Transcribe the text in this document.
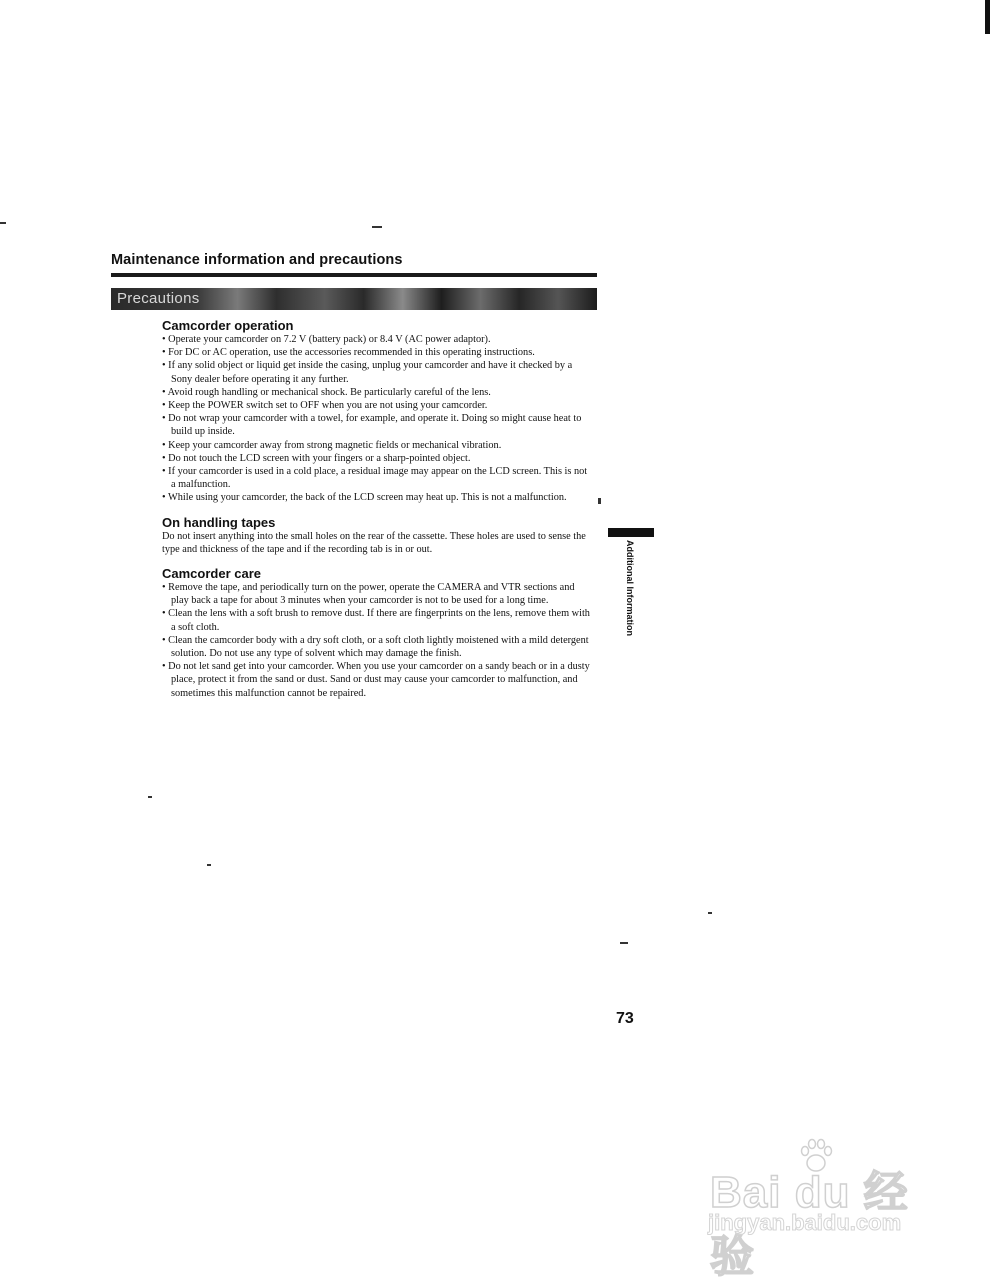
Maintenance information and precautions
Precautions
Camcorder operation
• Operate your camcorder on 7.2 V (battery pack) or 8.4 V (AC power adaptor).
• For DC or AC operation, use the accessories recommended in this operating instructions.
• If any solid object or liquid get inside the casing, unplug your camcorder and have it checked by a Sony dealer before operating it any further.
• Avoid rough handling or mechanical shock. Be particularly careful of the lens.
• Keep the POWER switch set to OFF when you are not using your camcorder.
• Do not wrap your camcorder with a towel, for example, and operate it. Doing so might cause heat to build up inside.
• Keep your camcorder away from strong magnetic fields or mechanical vibration.
• Do not touch the LCD screen with your fingers or a sharp-pointed object.
• If your camcorder is used in a cold place, a residual image may appear on the LCD screen. This is not a malfunction.
• While using your camcorder, the back of the LCD screen may heat up. This is not a malfunction.
On handling tapes

Do not insert anything into the small holes on the rear of the cassette. These holes are used to sense the type and thickness of the tape and if the recording tab is in or out.

Camcorder care
• Remove the tape, and periodically turn on the power, operate the CAMERA and VTR sections and play back a tape for about 3 minutes when your camcorder is not to be used for a long time.
• Clean the lens with a soft brush to remove dust. If there are fingerprints on the lens, remove them with a soft cloth.
• Clean the camcorder body with a dry soft cloth, or a soft cloth lightly moistened with a mild detergent solution. Do not use any type of solvent which may damage the finish.
• Do not let sand get into your camcorder. When you use your camcorder on a sandy beach or in a dusty place, protect it from the sand or dust. Sand or dust may cause your camcorder to malfunction, and sometimes this malfunction cannot be repaired.
Additional Information
73
Bai du 经验
jingyan.baidu.com
